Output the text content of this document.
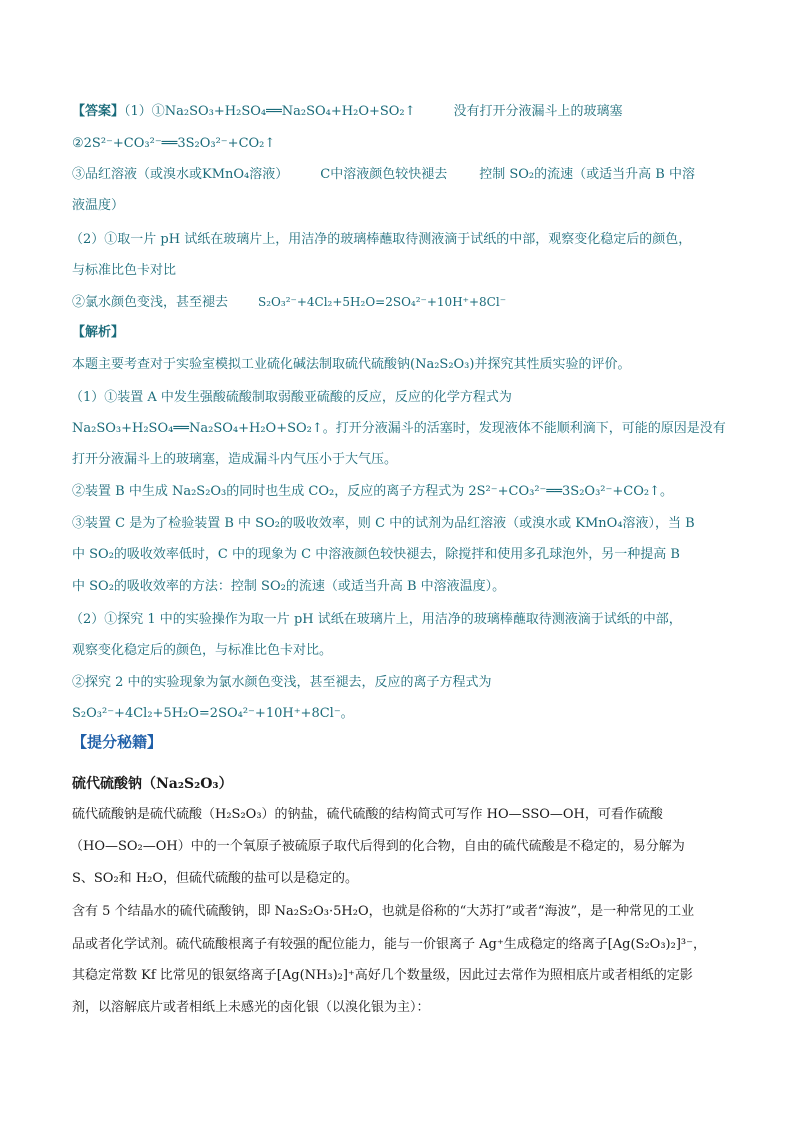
【答案】（1）①Na₂SO₃+H₂SO₄══Na₂SO₄+H₂O+SO₂↑	没有打开分液漏斗上的玻璃塞
②2S²⁻+CO₃²⁻══3S₂O₃²⁻+CO₂↑
③品红溶液（或溴水或KMnO₄溶液） C中溶液颜色较快褪去 控制 SO₂的流速（或适当升高 B 中溶
液温度）
（2）①取一片 pH 试纸在玻璃片上，用洁净的玻璃棒蘸取待测液滴于试纸的中部，观察变化稳定后的颜色，
与标准比色卡对比
②氯水颜色变浅，甚至褪去	S₂O₃²⁻+4Cl₂+5H₂O=2SO₄²⁻+10H⁺+8Cl⁻
【解析】
本题主要考查对于实验室模拟工业硫化碱法制取硫代硫酸钠(Na₂S₂O₃)并探究其性质实验的评价。
（1）①装置 A 中发生强酸硫酸制取弱酸亚硫酸的反应，反应的化学方程式为
Na₂SO₃+H₂SO₄══Na₂SO₄+H₂O+SO₂↑。打开分液漏斗的活塞时，发现液体不能顺利滴下，可能的原因是没有
打开分液漏斗上的玻璃塞，造成漏斗内气压小于大气压。
②装置 B 中生成 Na₂S₂O₃的同时也生成 CO₂，反应的离子方程式为 2S²⁻+CO₃²⁻══3S₂O₃²⁻+CO₂↑。
③装置 C 是为了检验装置 B 中 SO₂的吸收效率，则 C 中的试剂为品红溶液（或溴水或 KMnO₄溶液），当 B
中 SO₂的吸收效率低时，C 中的现象为 C 中溶液颜色较快褪去，除搅拌和使用多孔球泡外，另一种提高 B
中 SO₂的吸收效率的方法：控制 SO₂的流速（或适当升高 B 中溶液温度）。
（2）①探究 1 中的实验操作为取一片 pH 试纸在玻璃片上，用洁净的玻璃棒蘸取待测液滴于试纸的中部，
观察变化稳定后的颜色，与标准比色卡对比。
②探究 2 中的实验现象为氯水颜色变浅，甚至褪去，反应的离子方程式为
S₂O₃²⁻+4Cl₂+5H₂O=2SO₄²⁻+10H⁺+8Cl⁻。
【提分秘籍】
硫代硫酸钠（Na₂S₂O₃）
硫代硫酸钠是硫代硫酸（H₂S₂O₃）的钠盐，硫代硫酸的结构简式可写作 HO—SSO—OH，可看作硫酸
（HO—SO₂—OH）中的一个氧原子被硫原子取代后得到的化合物，自由的硫代硫酸是不稳定的，易分解为
S、SO₂和 H₂O，但硫代硫酸的盐可以是稳定的。
含有 5 个结晶水的硫代硫酸钠，即 Na₂S₂O₃·5H₂O，也就是俗称的“大苏打”或者“海波”，是一种常见的工业
品或者化学试剂。硫代硫酸根离子有较强的配位能力，能与一价银离子 Ag⁺生成稳定的络离子[Ag(S₂O₃)₂]³⁻，
其稳定常数 Kf 比常见的银氨络离子[Ag(NH₃)₂]⁺高好几个数量级，因此过去常作为照相底片或者相纸的定影
剂，以溶解底片或者相纸上未感光的卤化银（以溴化银为主）：
